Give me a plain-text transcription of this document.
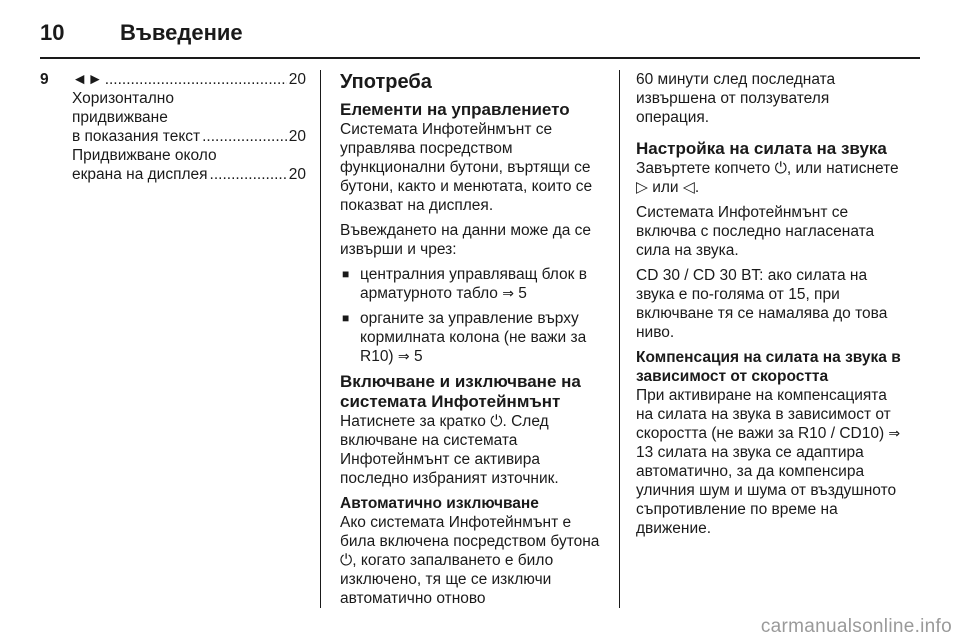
10	Въведение
9 ◄► .....	20
Хоризонтално
придвижване
в показания текст .....	20
Придвижване около
екрана на дисплея .....	20
Употреба
Елементи на управлението

Системата Инфотейнмънт се управлява посредством функционални бутони, въртящи се бутони, както и менютата, които се показват на дисплея.

Въвеждането на данни може да се извърши и чрез:

■ централния управляващ блок в арматурното табло ⇒ 5
■ органите за управление върху кормилната колона (не важи за R10) ⇒ 5
Включване и изключване на системата Инфотейнмънт

Натиснете за кратко ⏻. След включване на системата Инфотейнмънт се активира последно избраният източник.

Автоматично изключване

Ако системата Инфотейнмънт е била включена посредством бутона ⏻, когато запалването е било изключено, тя ще се изключи автоматично отново

60 минути след последната извършена от ползувателя операция.

Настройка на силата на звука

Завъртете копчето ⏻, или натиснете ▷ или ◁.

Системата Инфотейнмънт се включва с последно нагласената сила на звука.

CD 30 / CD 30 BT: ако силата на звука е по-голяма от 15, при включване тя се намалява до това ниво.

Компенсация на силата на звука в зависимост от скоростта

При активиране на компенсацията на силата на звука в зависимост от скоростта (не важи за R10 / CD10) ⇒ 13 силата на звука се адаптира автоматично, за да компенсира уличния шум и шума от въздушното съпротивление по време на движение.

carmanualsonline.info
